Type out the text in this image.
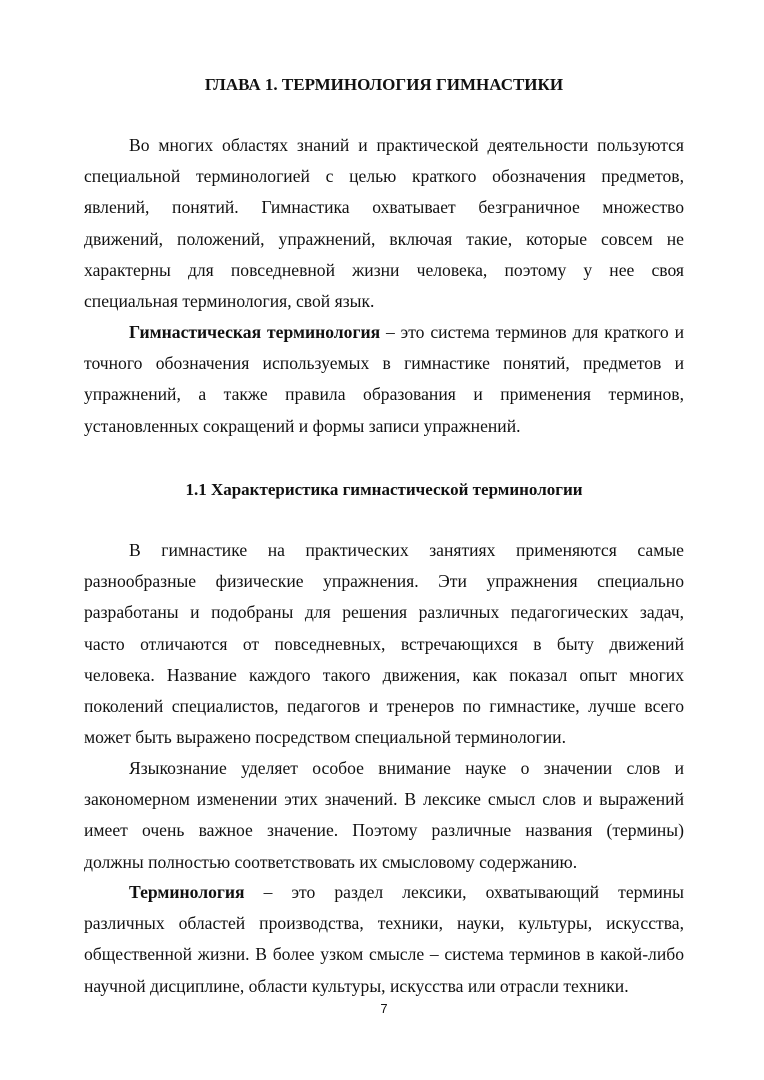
ГЛАВА 1. ТЕРМИНОЛОГИЯ ГИМНАСТИКИ
Во многих областях знаний и практической деятельности пользуются
специальной терминологией с целью краткого обозначения предметов,
явлений, понятий. Гимнастика охватывает безграничное множество
движений, положений, упражнений, включая такие, которые совсем не
характерны для повседневной жизни человека, поэтому у нее своя
специальная терминология, свой язык.
Гимнастическая терминология – это система терминов для краткого и
точного обозначения используемых в гимнастике понятий, предметов и
упражнений, а также правила образования и применения терминов,
установленных сокращений и формы записи упражнений.
1.1 Характеристика гимнастической терминологии
В гимнастике на практических занятиях применяются самые
разнообразные физические упражнения. Эти упражнения специально
разработаны и подобраны для решения различных педагогических задач,
часто отличаются от повседневных, встречающихся в быту движений
человека. Название каждого такого движения, как показал опыт многих
поколений специалистов, педагогов и тренеров по гимнастике, лучше всего
может быть выражено посредством специальной терминологии.
Языкознание уделяет особое внимание науке о значении слов и
закономерном изменении этих значений. В лексике смысл слов и выражений
имеет очень важное значение. Поэтому различные названия (термины)
должны полностью соответствовать их смысловому содержанию.
Терминология – это раздел лексики, охватывающий термины
различных областей производства, техники, науки, культуры, искусства,
общественной жизни. В более узком смысле – система терминов в какой-либо
научной дисциплине, области культуры, искусства или отрасли техники.
7
